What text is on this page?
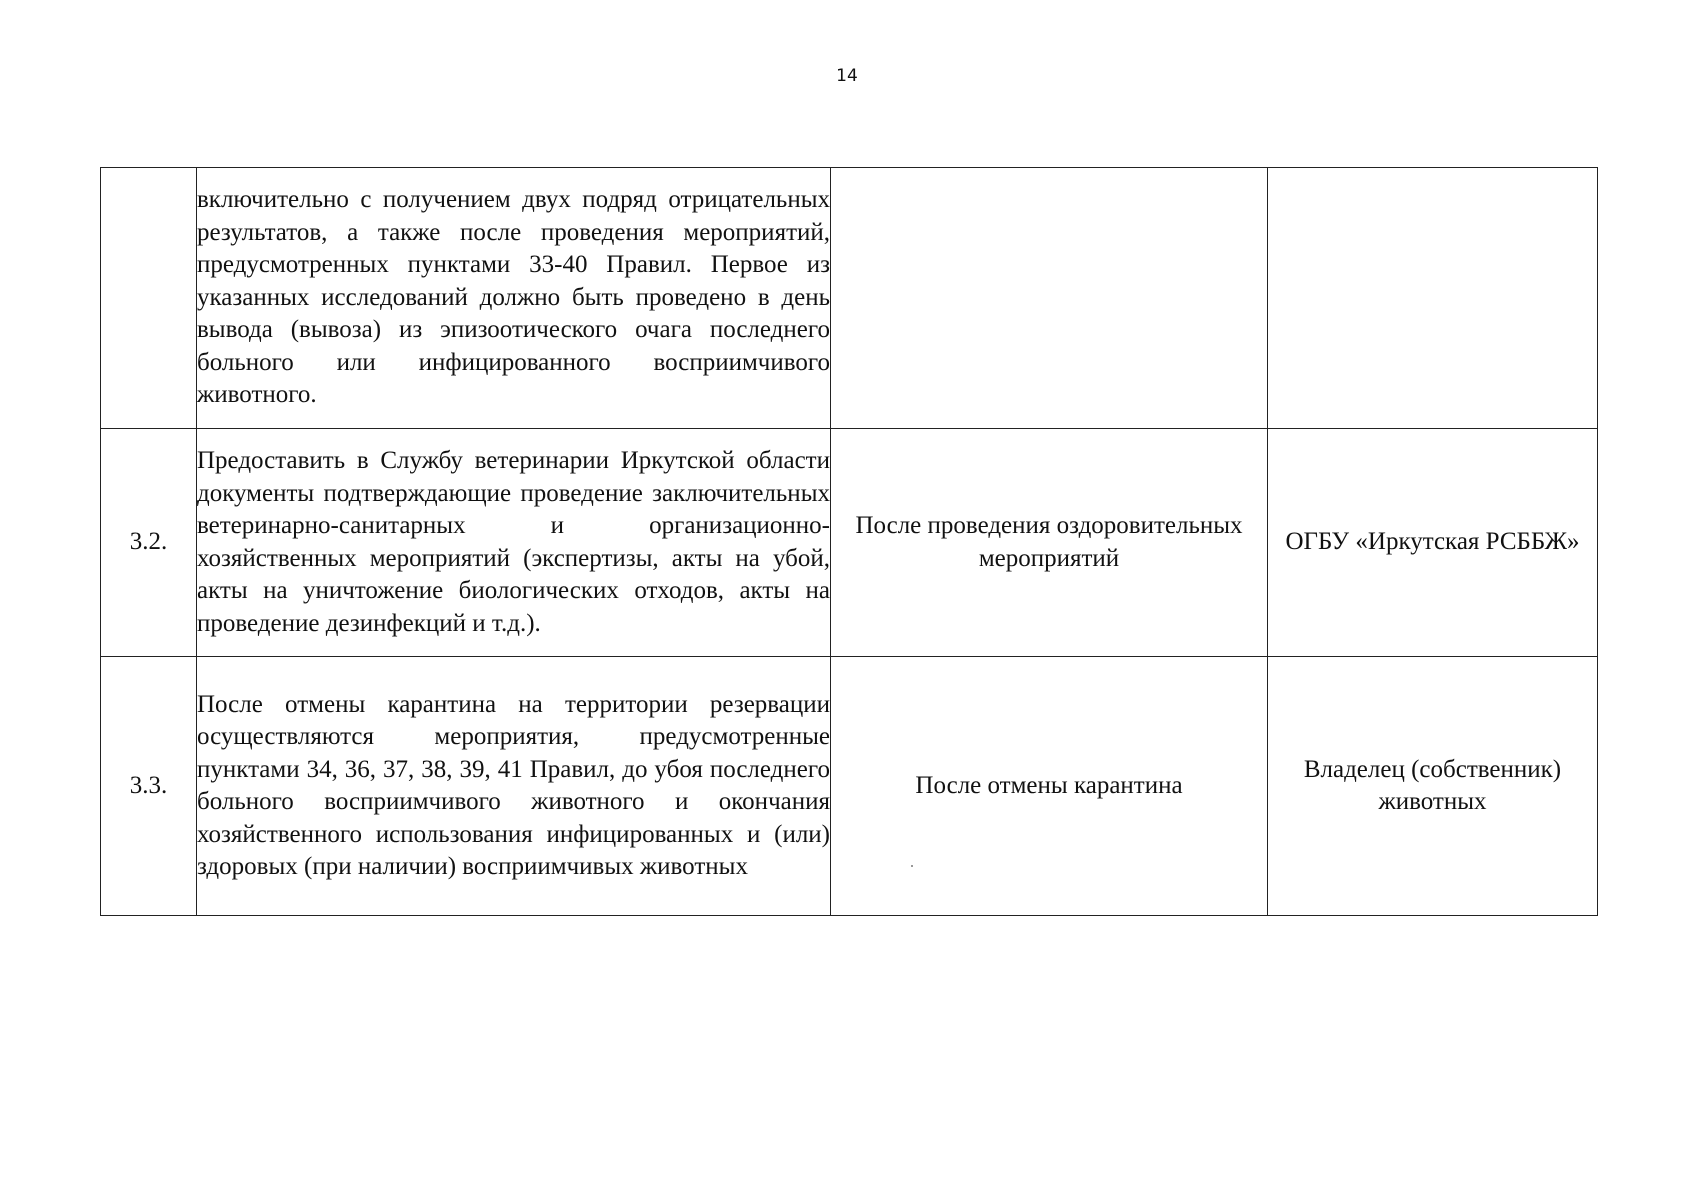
14
	включительно с получением двух подряд отрицательных результатов, а также после проведения мероприятий, предусмотренных пунктами 33-40 Правил. Первое из указанных исследований должно быть проведено в день вывода (вывоза) из эпизоотического очага последнего больного или инфицированного восприимчивого животного.		
3.2.	Предоставить в Службу ветеринарии Иркутской области документы подтверждающие проведение заключительных ветеринарно-санитарных и организационно-хозяйственных мероприятий (экспертизы, акты на убой, акты на уничтожение биологических отходов, акты на проведение дезинфекций и т.д.).	После проведения оздоровительных мероприятий	ОГБУ «Иркутская РСББЖ»
3.3.	После отмены карантина на территории резервации осуществляются мероприятия, предусмотренные пунктами 34, 36, 37, 38, 39, 41 Правил, до убоя последнего больного восприимчивого животного и окончания хозяйственного использования инфицированных и (или) здоровых (при наличии) восприимчивых животных	После отмены карантина	Владелец (собственник) животных
